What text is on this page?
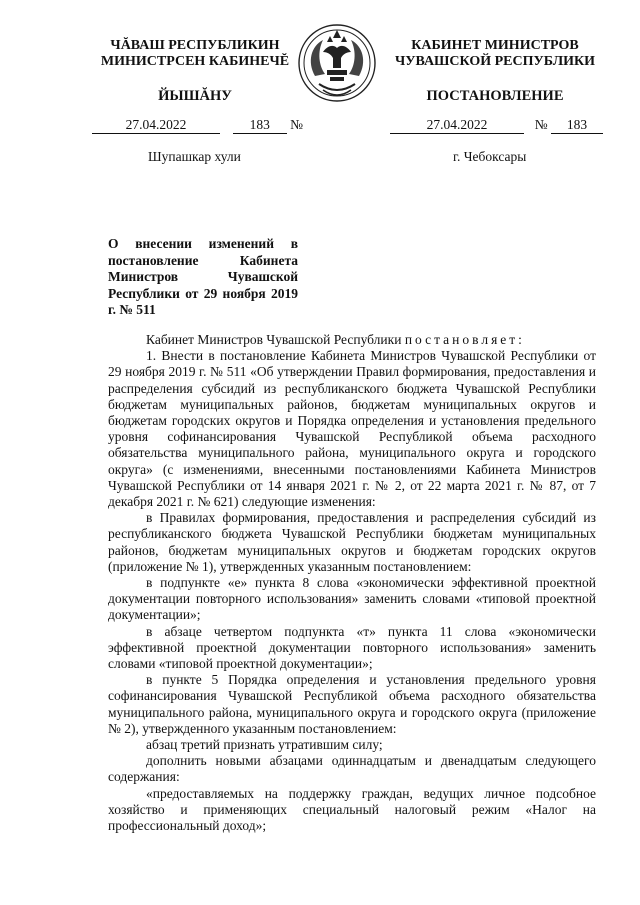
ЧĂВАШ РЕСПУБЛИКИН
МИНИСТРСЕН КАБИНЕЧĔ
ЙЫШĂНУ
КАБИНЕТ МИНИСТРОВ
ЧУВАШСКОЙ РЕСПУБЛИКИ
ПОСТАНОВЛЕНИЕ
27.04.2022	183 №	27.04.2022	№ 183
Шупашкар хули	г. Чебоксары
О внесении изменений в постановление Кабинета Министров Чувашской Республики от 29 ноября 2019 г. № 511

Кабинет Министров Чувашской Республики постановляет:

1. Внести в постановление Кабинета Министров Чувашской Республики от 29 ноября 2019 г. № 511 «Об утверждении Правил формирования, предоставления и распределения субсидий из республиканского бюджета Чувашской Республики бюджетам муниципальных районов, бюджетам муниципальных округов и бюджетам городских округов и Порядка определения и установления предельного уровня софинансирования Чувашской Республикой объема расходного обязательства муниципального района, муниципального округа и городского округа» (с изменениями, внесенными постановлениями Кабинета Министров Чувашской Республики от 14 января 2021 г. № 2, от 22 марта 2021 г. № 87, от 7 декабря 2021 г. № 621) следующие изменения:

в Правилах формирования, предоставления и распределения субсидий из республиканского бюджета Чувашской Республики бюджетам муниципальных районов, бюджетам муниципальных округов и бюджетам городских округов (приложение № 1), утвержденных указанным постановлением:

в подпункте «е» пункта 8 слова «экономически эффективной проектной документации повторного использования» заменить словами «типовой проектной документации»;

в абзаце четвертом подпункта «т» пункта 11 слова «экономически эффективной проектной документации повторного использования» заменить словами «типовой проектной документации»;

в пункте 5 Порядка определения и установления предельного уровня софинансирования Чувашской Республикой объема расходного обязательства муниципального района, муниципального округа и городского округа (приложение № 2), утвержденного указанным постановлением:

абзац третий признать утратившим силу;

дополнить новыми абзацами одиннадцатым и двенадцатым следующего содержания:

«предоставляемых на поддержку граждан, ведущих личное подсобное хозяйство и применяющих специальный налоговый режим «Налог на профессиональный доход»;
